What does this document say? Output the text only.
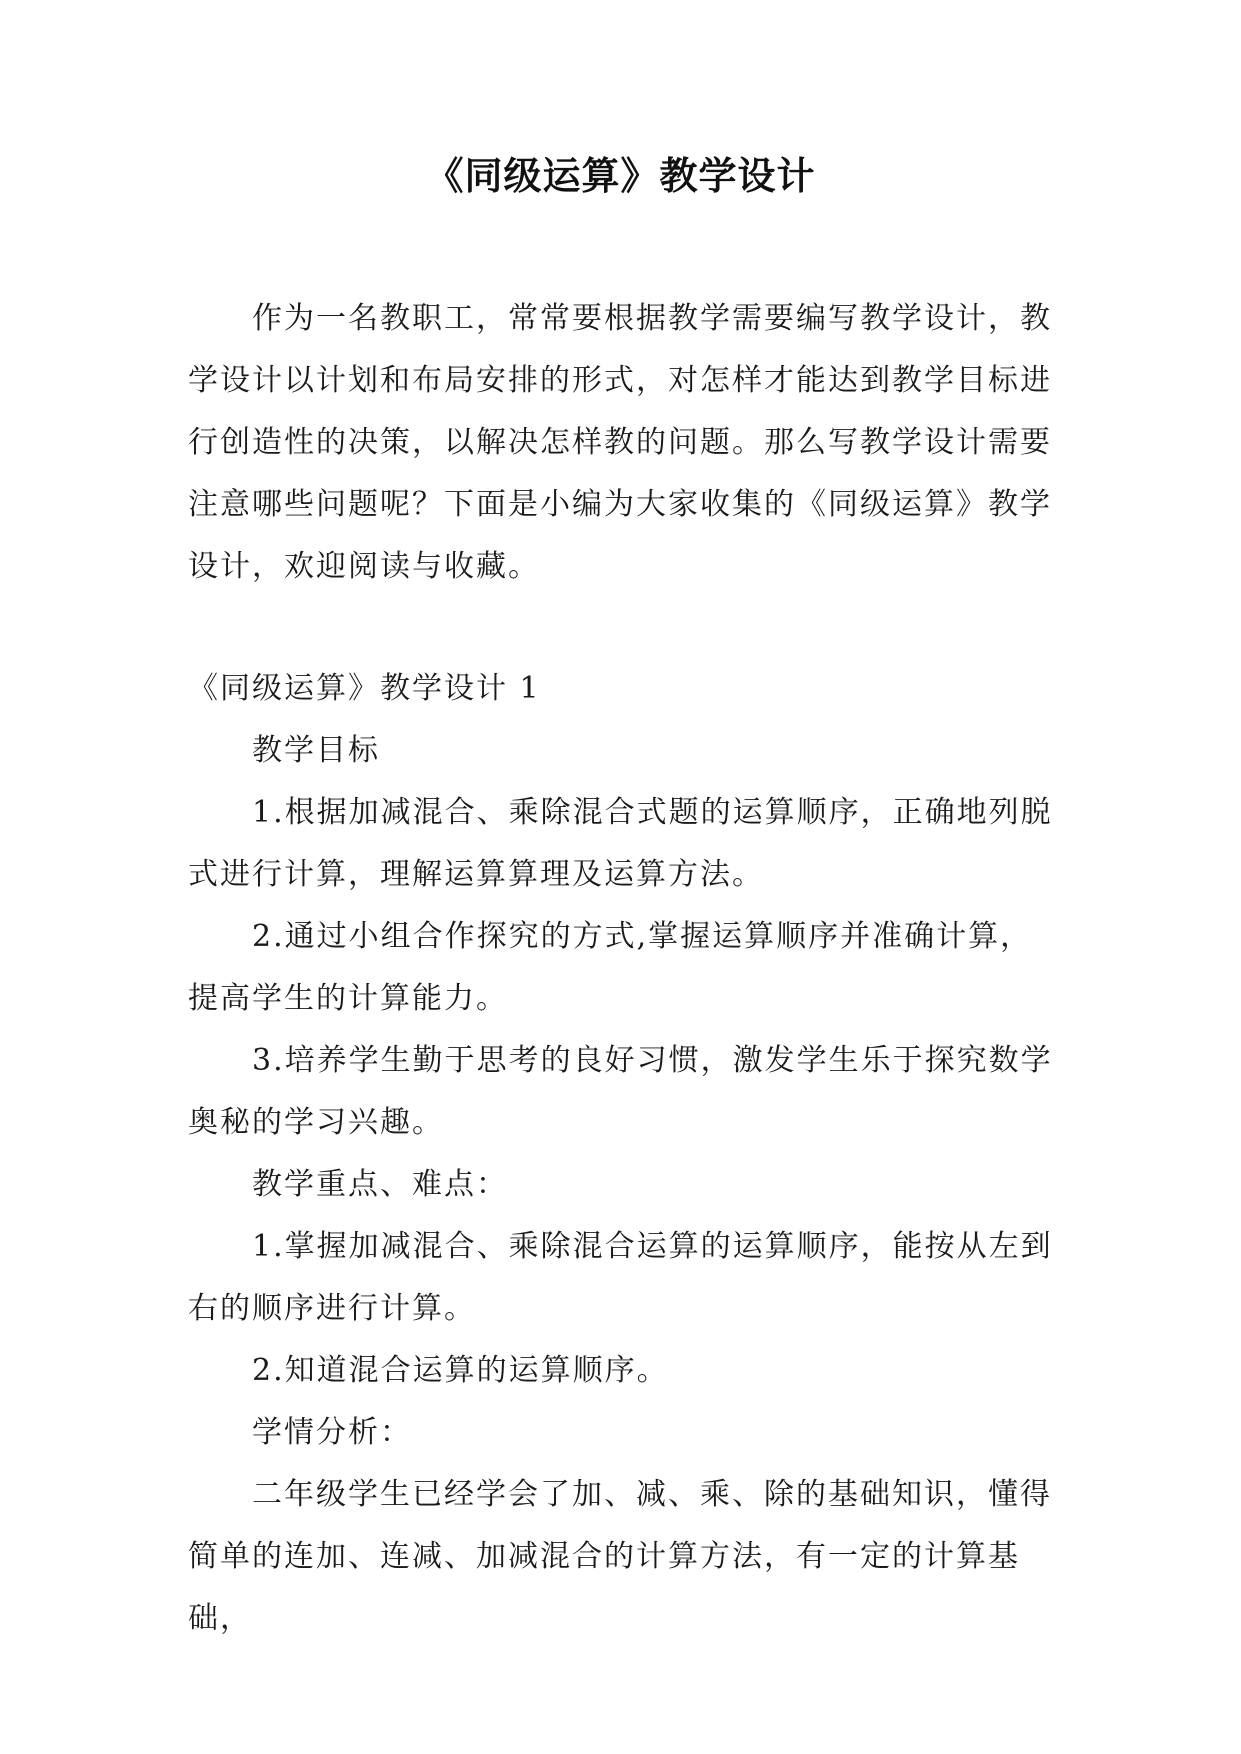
《同级运算》教学设计

作为一名教职工，常常要根据教学需要编写教学设计，教学设计以计划和布局安排的形式，对怎样才能达到教学目标进行创造性的决策，以解决怎样教的问题。那么写教学设计需要注意哪些问题呢？下面是小编为大家收集的《同级运算》教学设计，欢迎阅读与收藏。

《同级运算》教学设计 1

教学目标

1.根据加减混合、乘除混合式题的运算顺序，正确地列脱式进行计算，理解运算算理及运算方法。

2.通过小组合作探究的方式,掌握运算顺序并准确计算，提高学生的计算能力。

3.培养学生勤于思考的良好习惯，激发学生乐于探究数学奥秘的学习兴趣。

教学重点、难点：

1.掌握加减混合、乘除混合运算的运算顺序，能按从左到右的顺序进行计算。

2.知道混合运算的运算顺序。

学情分析：

二年级学生已经学会了加、减、乘、除的基础知识，懂得简单的连加、连减、加减混合的计算方法，有一定的计算基础，
